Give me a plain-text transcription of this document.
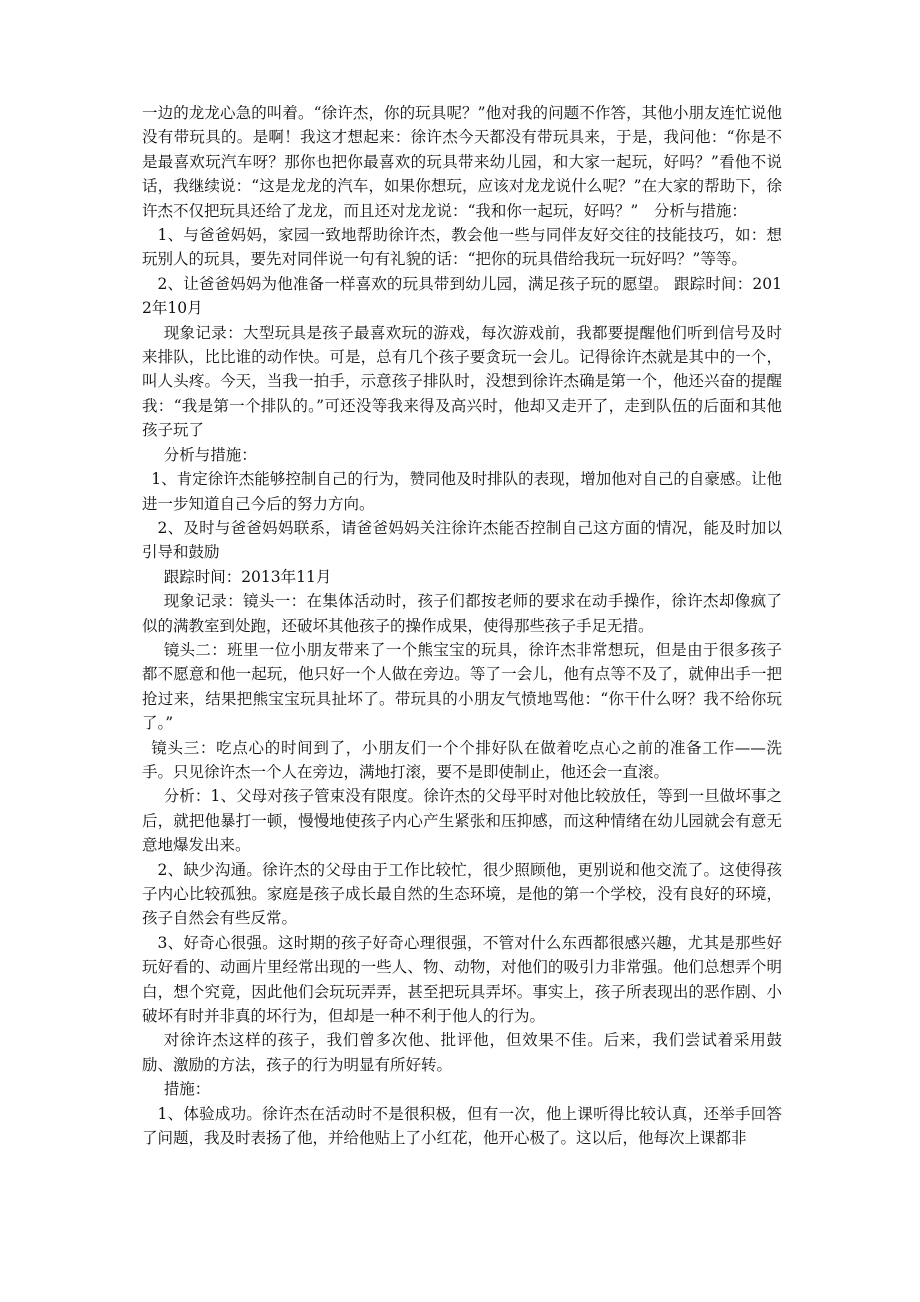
一边的龙龙心急的叫着。“徐许杰，你的玩具呢？”他对我的问题不作答，其他小朋友连忙说他没有带玩具的。是啊！我这才想起来：徐许杰今天都没有带玩具来，于是，我问他：“你是不是最喜欢玩汽车呀？那你也把你最喜欢的玩具带来幼儿园，和大家一起玩，好吗？”看他不说话，我继续说：“这是龙龙的汽车，如果你想玩，应该对龙龙说什么呢？”在大家的帮助下，徐许杰不仅把玩具还给了龙龙，而且还对龙龙说：“我和你一起玩，好吗？”　分析与措施：

1、与爸爸妈妈，家园一致地帮助徐许杰，教会他一些与同伴友好交往的技能技巧，如：想玩别人的玩具，要先对同伴说一句有礼貌的话：“把你的玩具借给我玩一玩好吗？”等等。

2、让爸爸妈妈为他准备一样喜欢的玩具带到幼儿园，满足孩子玩的愿望。 跟踪时间：2012年10月

现象记录：大型玩具是孩子最喜欢玩的游戏，每次游戏前，我都要提醒他们听到信号及时来排队，比比谁的动作快。可是，总有几个孩子要贪玩一会儿。记得徐许杰就是其中的一个，叫人头疼。今天，当我一拍手，示意孩子排队时，没想到徐许杰确是第一个，他还兴奋的提醒我：“我是第一个排队的。”可还没等我来得及高兴时，他却又走开了，走到队伍的后面和其他孩子玩了

分析与措施：

1、肯定徐许杰能够控制自己的行为，赞同他及时排队的表现，增加他对自己的自豪感。让他进一步知道自己今后的努力方向。

2、及时与爸爸妈妈联系，请爸爸妈妈关注徐许杰能否控制自己这方面的情况，能及时加以引导和鼓励

跟踪时间：2013年11月

现象记录：镜头一：在集体活动时，孩子们都按老师的要求在动手操作，徐许杰却像疯了似的满教室到处跑，还破坏其他孩子的操作成果，使得那些孩子手足无措。

镜头二：班里一位小朋友带来了一个熊宝宝的玩具，徐许杰非常想玩，但是由于很多孩子都不愿意和他一起玩，他只好一个人做在旁边。等了一会儿，他有点等不及了，就伸出手一把抢过来，结果把熊宝宝玩具扯坏了。带玩具的小朋友气愤地骂他：“你干什么呀？我不给你玩了。”

镜头三：吃点心的时间到了，小朋友们一个个排好队在做着吃点心之前的准备工作——洗手。只见徐许杰一个人在旁边，满地打滚，要不是即使制止，他还会一直滚。

分析：1、父母对孩子管束没有限度。徐许杰的父母平时对他比较放任，等到一旦做坏事之后，就把他暴打一顿，慢慢地使孩子内心产生紧张和压抑感，而这种情绪在幼儿园就会有意无意地爆发出来。

2、缺少沟通。徐许杰的父母由于工作比较忙，很少照顾他，更别说和他交流了。这使得孩子内心比较孤独。家庭是孩子成长最自然的生态环境，是他的第一个学校，没有良好的环境，孩子自然会有些反常。

3、好奇心很强。这时期的孩子好奇心理很强，不管对什么东西都很感兴趣，尤其是那些好玩好看的、动画片里经常出现的一些人、物、动物，对他们的吸引力非常强。他们总想弄个明白，想个究竟，因此他们会玩玩弄弄，甚至把玩具弄坏。事实上，孩子所表现出的恶作剧、小破坏有时并非真的坏行为，但却是一种不利于他人的行为。

对徐许杰这样的孩子，我们曾多次他、批评他，但效果不佳。后来，我们尝试着采用鼓励、激励的方法，孩子的行为明显有所好转。

措施：

1、体验成功。徐许杰在活动时不是很积极，但有一次，他上课听得比较认真，还举手回答了问题，我及时表扬了他，并给他贴上了小红花，他开心极了。这以后，他每次上课都非
